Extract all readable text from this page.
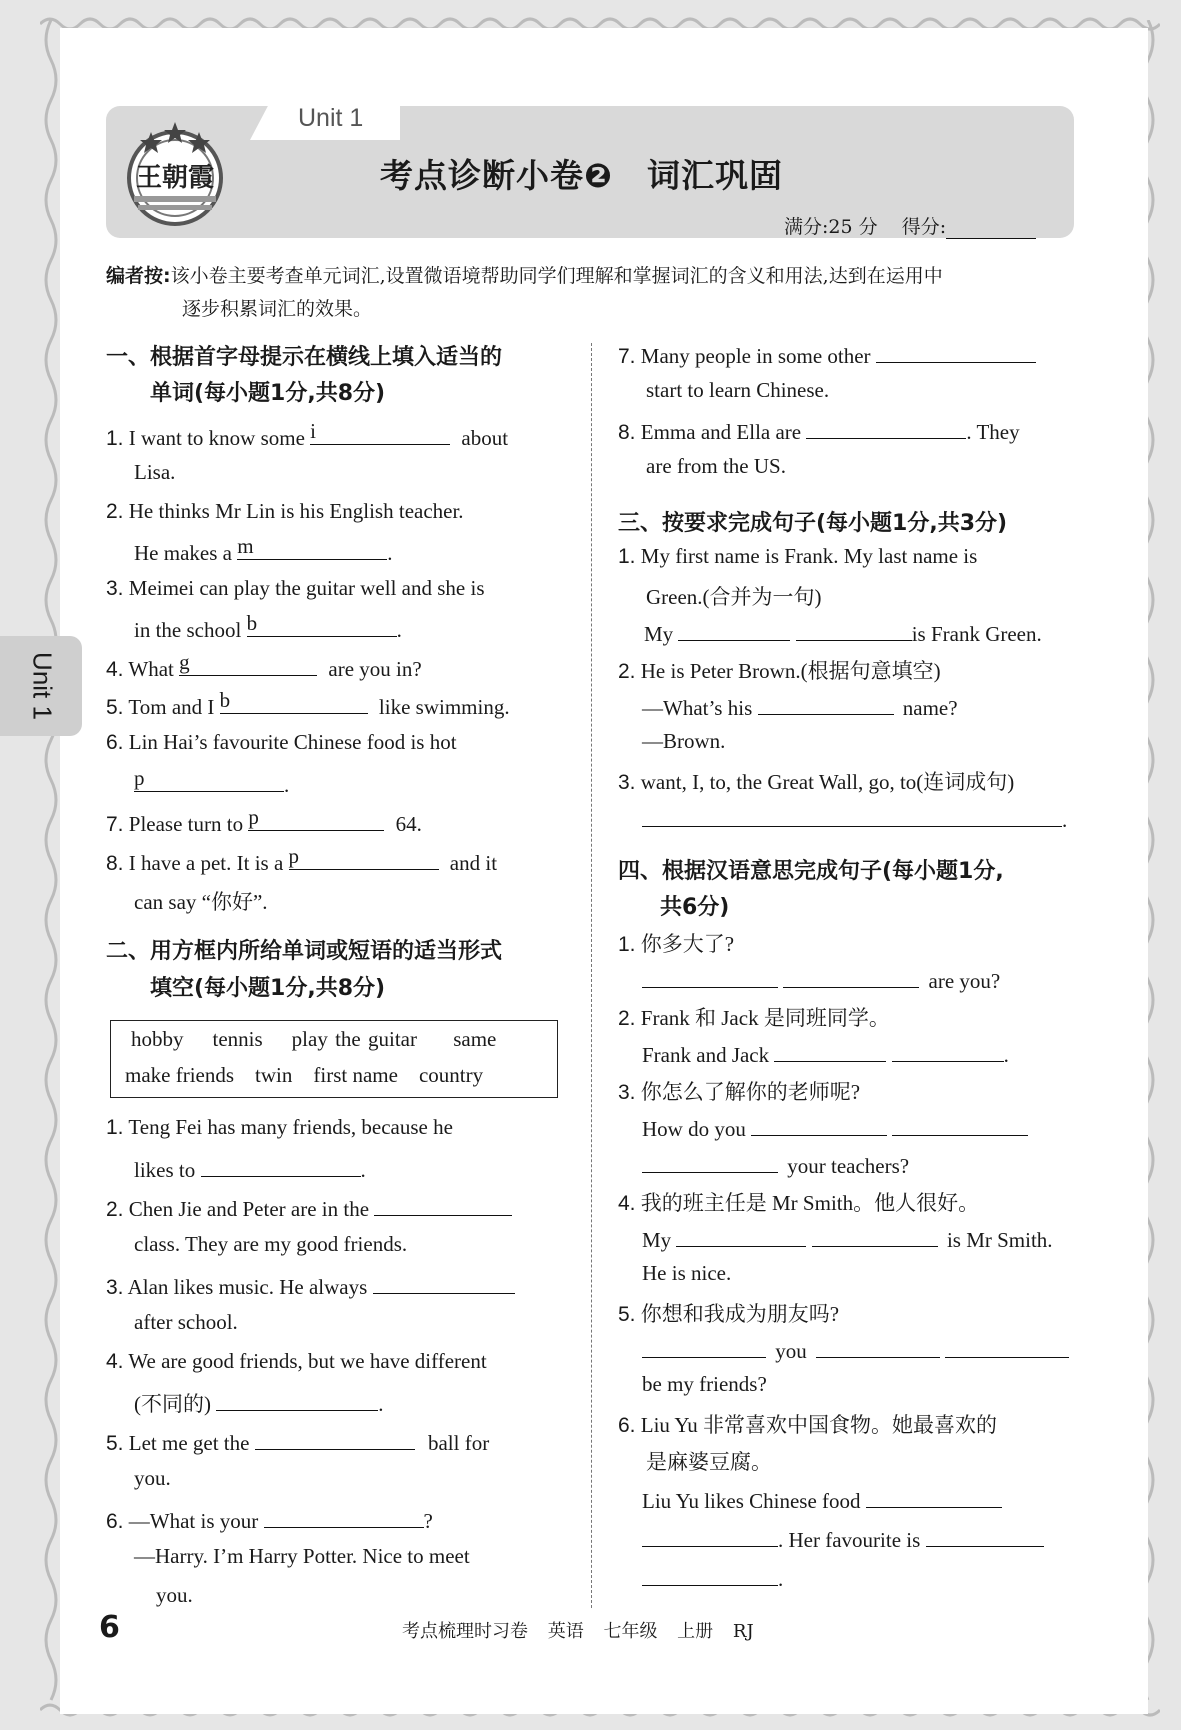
Unit 1
王朝霞	考点诊断小卷❷　词汇巩固
满分:25 分 得分:
编者按:该小卷主要考查单元词汇,设置微语境帮助同学们理解和掌握词汇的含义和用法,达到在运用中
逐步积累词汇的效果。
Unit 1
一、根据首字母提示在横线上填入适当的
单词(每小题1分,共8分)
1. I want to know some i	about
Lisa.
2. He thinks Mr Lin is his English teacher.
He makes a m	.
3. Meimei can play the guitar well and she is
in the school b	.
4. What g	are you in?
5. Tom and I b	like swimming.
6. Lin Hai’s favourite Chinese food is hot
p	.
7. Please turn to p	64.
8. I have a pet. It is a p	and it
can say “你好”.
二、用方框内所给单词或短语的适当形式
填空(每小题1分,共8分)
hobby tennis play the guitar same
make friends twin first name country
1. Teng Fei has many friends, because he
likes to	.
2. Chen Jie and Peter are in the
class. They are my good friends.
3. Alan likes music. He always
after school.
4. We are good friends, but we have different
(不同的)	.
5. Let me get the	ball for
you.
6. —What is your	?
—Harry. I’m Harry Potter. Nice to meet
you.
7. Many people in some other
start to learn Chinese.
8. Emma and Ella are	. They
are from the US.
三、按要求完成句子(每小题1分,共3分)
1. My first name is Frank. My last name is
Green.(合并为一句)
My	is Frank Green.
2. He is Peter Brown.(根据句意填空)
—What’s his	name?
—Brown.
3. want, I, to, the Great Wall, go, to(连词成句)
.
四、根据汉语意思完成句子(每小题1分,
共6分)
1. 你多大了?
are you?
2. Frank 和 Jack 是同班同学。
Frank and Jack	.
3. 你怎么了解你的老师呢?
How do you
your teachers?
4. 我的班主任是 Mr Smith。他人很好。
My	is Mr Smith.
He is nice.
5. 你想和我成为朋友吗?
you
be my friends?
6. Liu Yu 非常喜欢中国食物。她最喜欢的
是麻婆豆腐。
Liu Yu likes Chinese food
. Her favourite is
.
6	考点梳理时习卷 英语 七年级 上册 RJ
